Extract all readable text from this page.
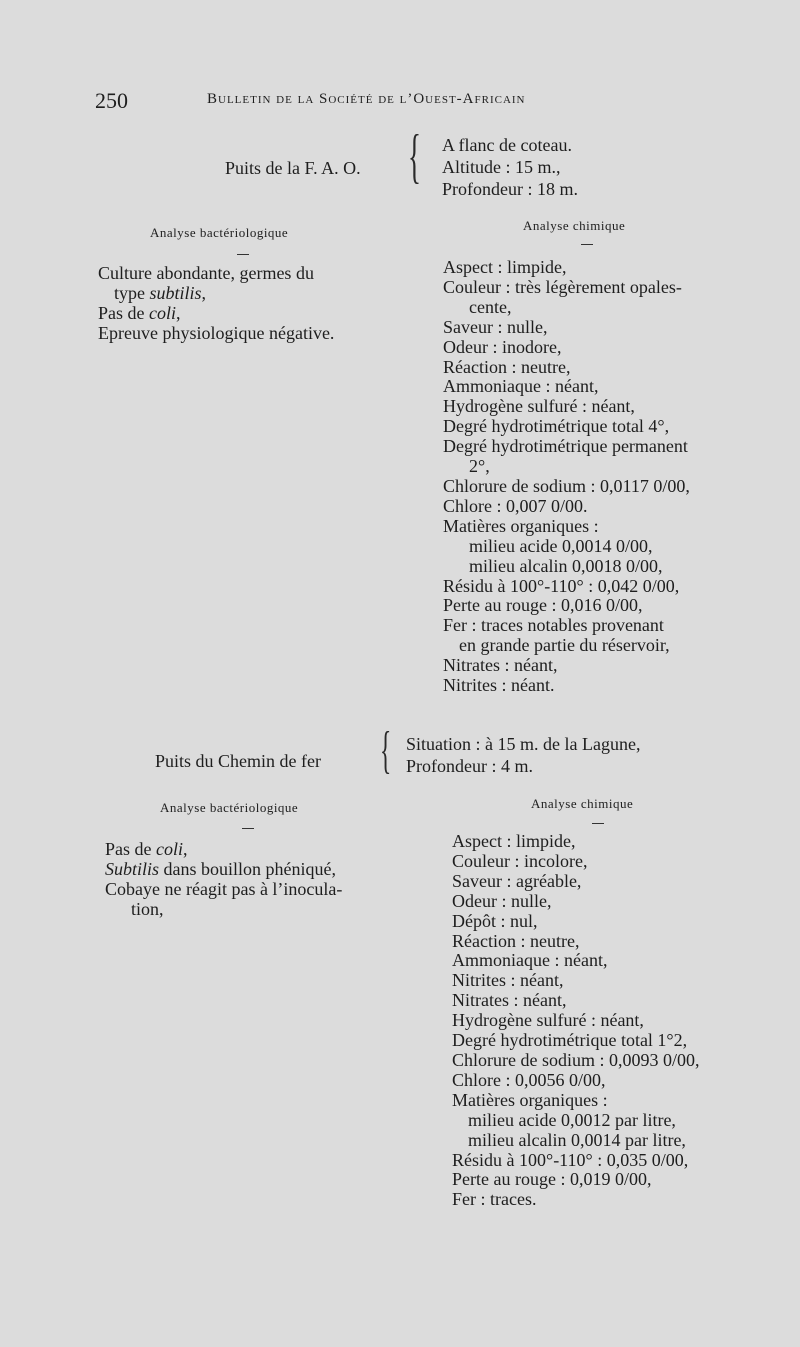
250	Bulletin de la Société de l’Ouest-Africain
Puits de la F. A. O. { A flanc de coteau.
Altitude : 15 m.,
Profondeur : 18 m.
Analyse bactériologique	Analyse chimique
Culture abondante, germes du
type subtilis,
Pas de coli,
Epreuve physiologique négative.
Aspect : limpide,
Couleur : très légèrement opales-
cente,
Saveur : nulle,
Odeur : inodore,
Réaction : neutre,
Ammoniaque : néant,
Hydrogène sulfuré : néant,
Degré hydrotimétrique total 4°,
Degré hydrotimétrique permanent
2°,
Chlorure de sodium : 0,0117 0/00,
Chlore : 0,007 0/00.
Matières organiques :
milieu acide 0,0014 0/00,
milieu alcalin 0,0018 0/00,
Résidu à 100°-110° : 0,042 0/00,
Perte au rouge : 0,016 0/00,
Fer : traces notables provenant
en grande partie du réservoir,
Nitrates : néant,
Nitrites : néant.
Puits du Chemin de fer { Situation : à 15 m. de la Lagune,
Profondeur : 4 m.
Analyse bactériologique	Analyse chimique
Pas de coli,
Subtilis dans bouillon phéniqué,
Cobaye ne réagit pas à l’inocula-
tion,
Aspect : limpide,
Couleur : incolore,
Saveur : agréable,
Odeur : nulle,
Dépôt : nul,
Réaction : neutre,
Ammoniaque : néant,
Nitrites : néant,
Nitrates : néant,
Hydrogène sulfuré : néant,
Degré hydrotimétrique total 1°2,
Chlorure de sodium : 0,0093 0/00,
Chlore : 0,0056 0/00,
Matières organiques :
milieu acide 0,0012 par litre,
milieu alcalin 0,0014 par litre,
Résidu à 100°-110° : 0,035 0/00,
Perte au rouge : 0,019 0/00,
Fer : traces.
